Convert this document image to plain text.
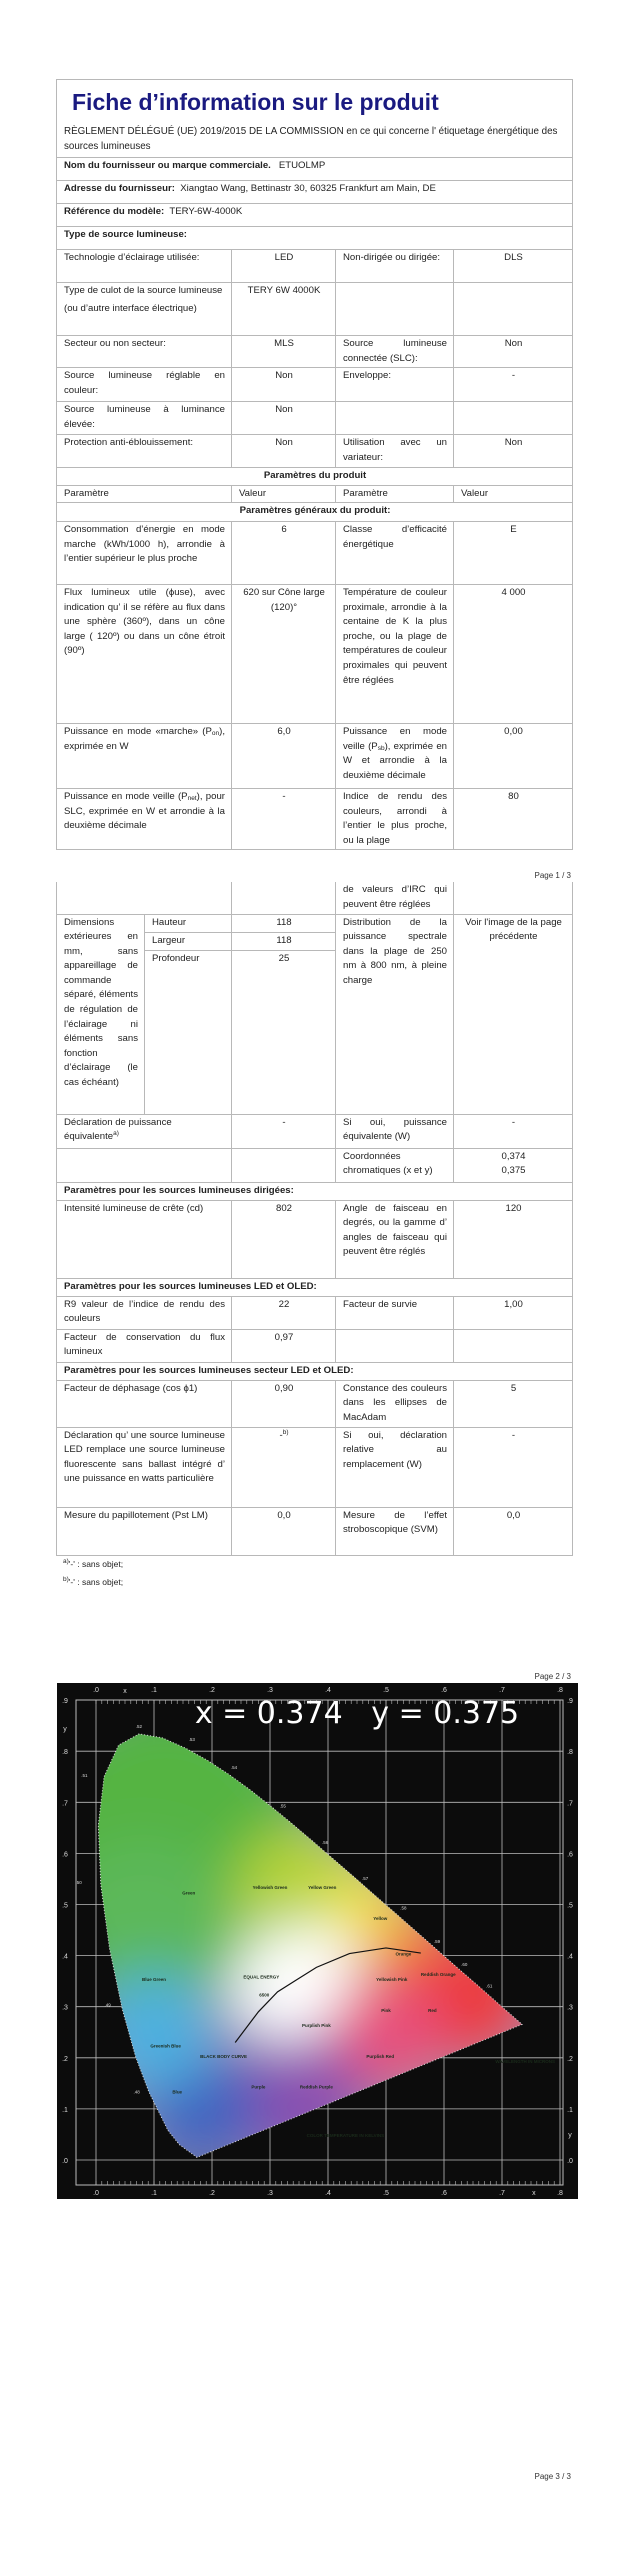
Fiche d’information sur le produit
RÈGLEMENT DÉLÉGUÉ (UE) 2019/2015 DE LA COMMISSION en ce qui concerne l' étiquetage énergétique des sources lumineuses			

Nom du fournisseur ou marque commerciale. ETUOLMP			
Adresse du fournisseur: Xiangtao Wang, Bettinastr 30, 60325 Frankfurt am Main, DE			
Référence du modèle: TERY-6W-4000K			
Type de source lumineuse:			
Technologie d’éclairage utilisée:	LED	Non-dirigée ou dirigée:	DLS

Type de culot de la source lumineuse
(ou d’autre interface électrique)	TERY 6W 4000K		
Secteur ou non secteur:	MLS	Source lumineuse connectée (SLC):	Non
Source lumineuse réglable en couleur:	Non	Enveloppe:	-
Source lumineuse à luminance élevée:	Non		
Protection anti-éblouissement:	Non	Utilisation avec un variateur:	Non
Paramètres du produit			
Paramètre	Valeur	Paramètre	Valeur
Paramètres généraux du produit:			
Consommation d’énergie en mode marche (kWh/1000 h), arrondie à l’entier supérieur le plus proche	6	Classe d’efficacité énergétique	E
Flux lumineux utile (ϕuse), avec indication qu’ il se réfère au flux dans une sphère (360º), dans un cône large ( 120º) ou dans un cône étroit (90º)	620 sur Cône large (120)°	Température de couleur proximale, arrondie à la centaine de K la plus proche, ou la plage de températures de couleur proximales qui peuvent être réglées	4 000
Puissance en mode «marche» $(P_{on})$, exprimée en W	6,0	Puissance en mode veille $(P_{sb})$, exprimée en W et arrondie à la deuxième décimale	0,00
Puissance en mode veille $(P_{net})$, pour SLC, exprimée en W et arrondie à la deuxième décimale	-	Indice de rendu des couleurs, arrondi à l’entier le plus proche, ou la plage	80
Page 1 / 3
			de valeurs d’IRC qui peuvent être réglées	
Dimensions extérieures en mm, sans appareillage de commande séparé, éléments de régulation de l’éclairage ni éléments sans fonction d’éclairage (le cas échéant)	Hauteur	118	Distribution de la puissance spectrale dans la plage de 250 nm à 800 nm, à pleine charge	Voir l'image de la page précédente
	Largeur	118		
	Profondeur	25		
Déclaration de puissance équivalente$^{a)}$		-	Si oui, puissance équivalente (W)	-
			Coordonnées chromatiques (x et y)	0,374
0,375

Paramètres pour les sources lumineuses dirigées:				
Intensité lumineuse de crête (cd)		802	Angle de faisceau en degrés, ou la gamme d’ angles de faisceau qui peuvent être réglés	120
Paramètres pour les sources lumineuses LED et OLED:				
R9 valeur de l’indice de rendu des couleurs		22	Facteur de survie	1,00
Facteur de conservation du flux lumineux		0,97		
Paramètres pour les sources lumineuses secteur LED et OLED:				
Facteur de déphasage (cos ϕ1)		0,90	Constance des couleurs dans les ellipses de MacAdam	5
Déclaration qu’ une source lumineuse LED remplace une source lumineuse fluorescente sans ballast intégré d’ une puissance en watts particulière		-$^{b)}$	Si oui, déclaration relative au remplacement (W)	-
Mesure du papillotement (Pst LM)		0,0	Mesure de l’effet stroboscopique (SVM)	0,0
$^{a)}$'-' : sans objet;
$^{b)}$'-' : sans objet;
Page 2 / 3
.0
.0
.1
.1
.2
.2
.3
.3
.4
.4
.5
.5
.6
.6
.7
.7
.8
.8
.0	.0
.1	.1
.2	.2
.3	.3
.4	.4
.5	.5
.6	.6
.7	.7
.8	.8
.9	.9
x
x
y
y
Green
Yellowish Green	Yellow Green
Yellow
Orange
Blue Green
Reddish Orange
Yellowish Pink
Pink	Red
Purplish Pink
Greenish Blue
Purplish Red
Blue
Purple	Reddish Purple
EQUAL ENERGY
6500
BLACK BODY CURVE
COLOR TEMPERATURE IN KELVINS
WAVELENGTH IN MICRONS
.52
.53
.54
.55
.56
.57
.58
.59
.60
.61
.51
.50
.49
.48
x = 0.374   y = 0.375
Page 3 / 3
